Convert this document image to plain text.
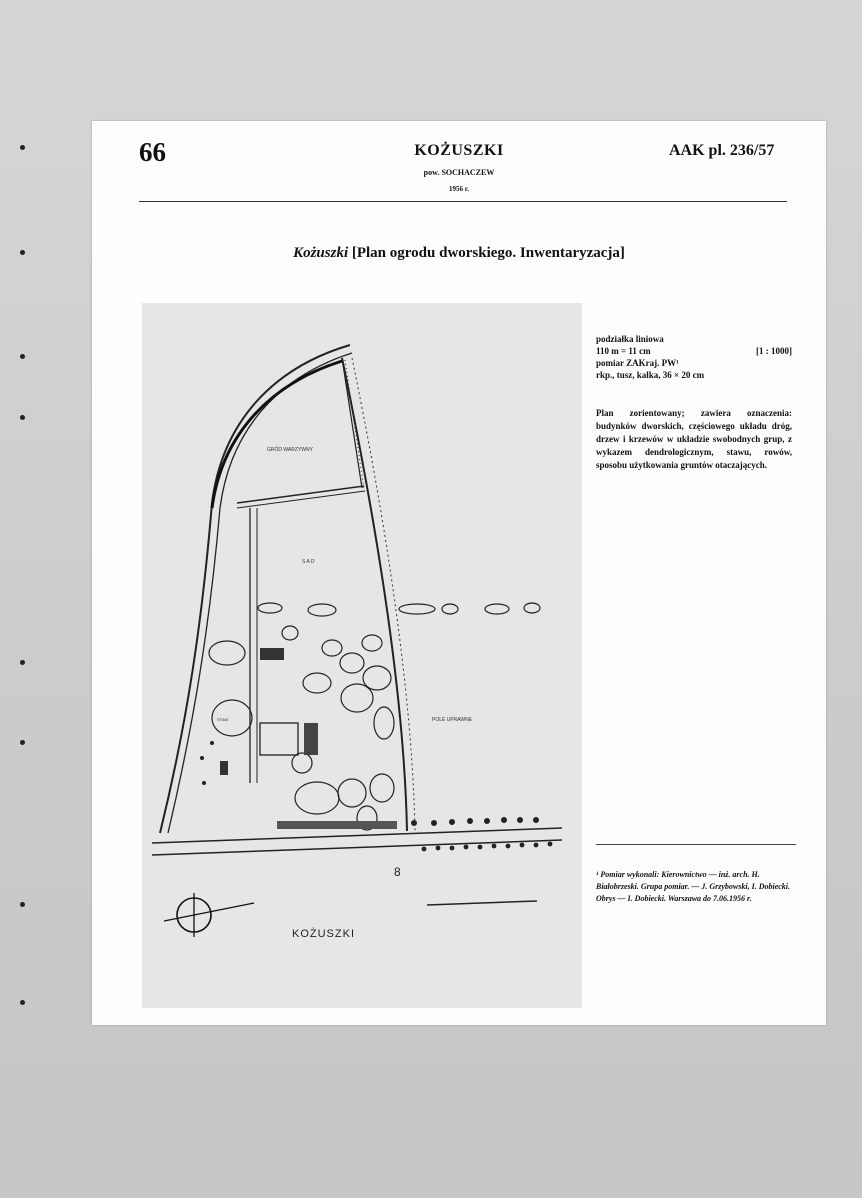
66	KOŻUSZKI
pow. SOCHACZEW
1956 r.
AAK pl. 236/57
Kożuszki [Plan ogrodu dworskiego. Inwentaryzacja]
GRÓD WARZYWNY
S A D
STAW	POLE UPRAWNE
8
KOŻUSZKI
podziałka liniowa
110 m = 11 cm	[1 : 1000]
pomiar ZAKraj. PW¹
rkp., tusz, kalka, 36 × 20 cm
Plan zorientowany; zawiera oznaczenia: budynków dworskich, częściowego układu dróg, drzew i krzewów w układzie swobodnych grup, z wykazem dendrologicznym, stawu, rowów, sposobu użytkowania gruntów otaczających.
¹ Pomiar wykonali: Kierownictwo — inż. arch. H. Białobrzeski. Grupa pomiar. — J. Grzybowski, I. Dobiecki. Obrys — I. Dobiecki. Warszawa do 7.06.1956 r.
